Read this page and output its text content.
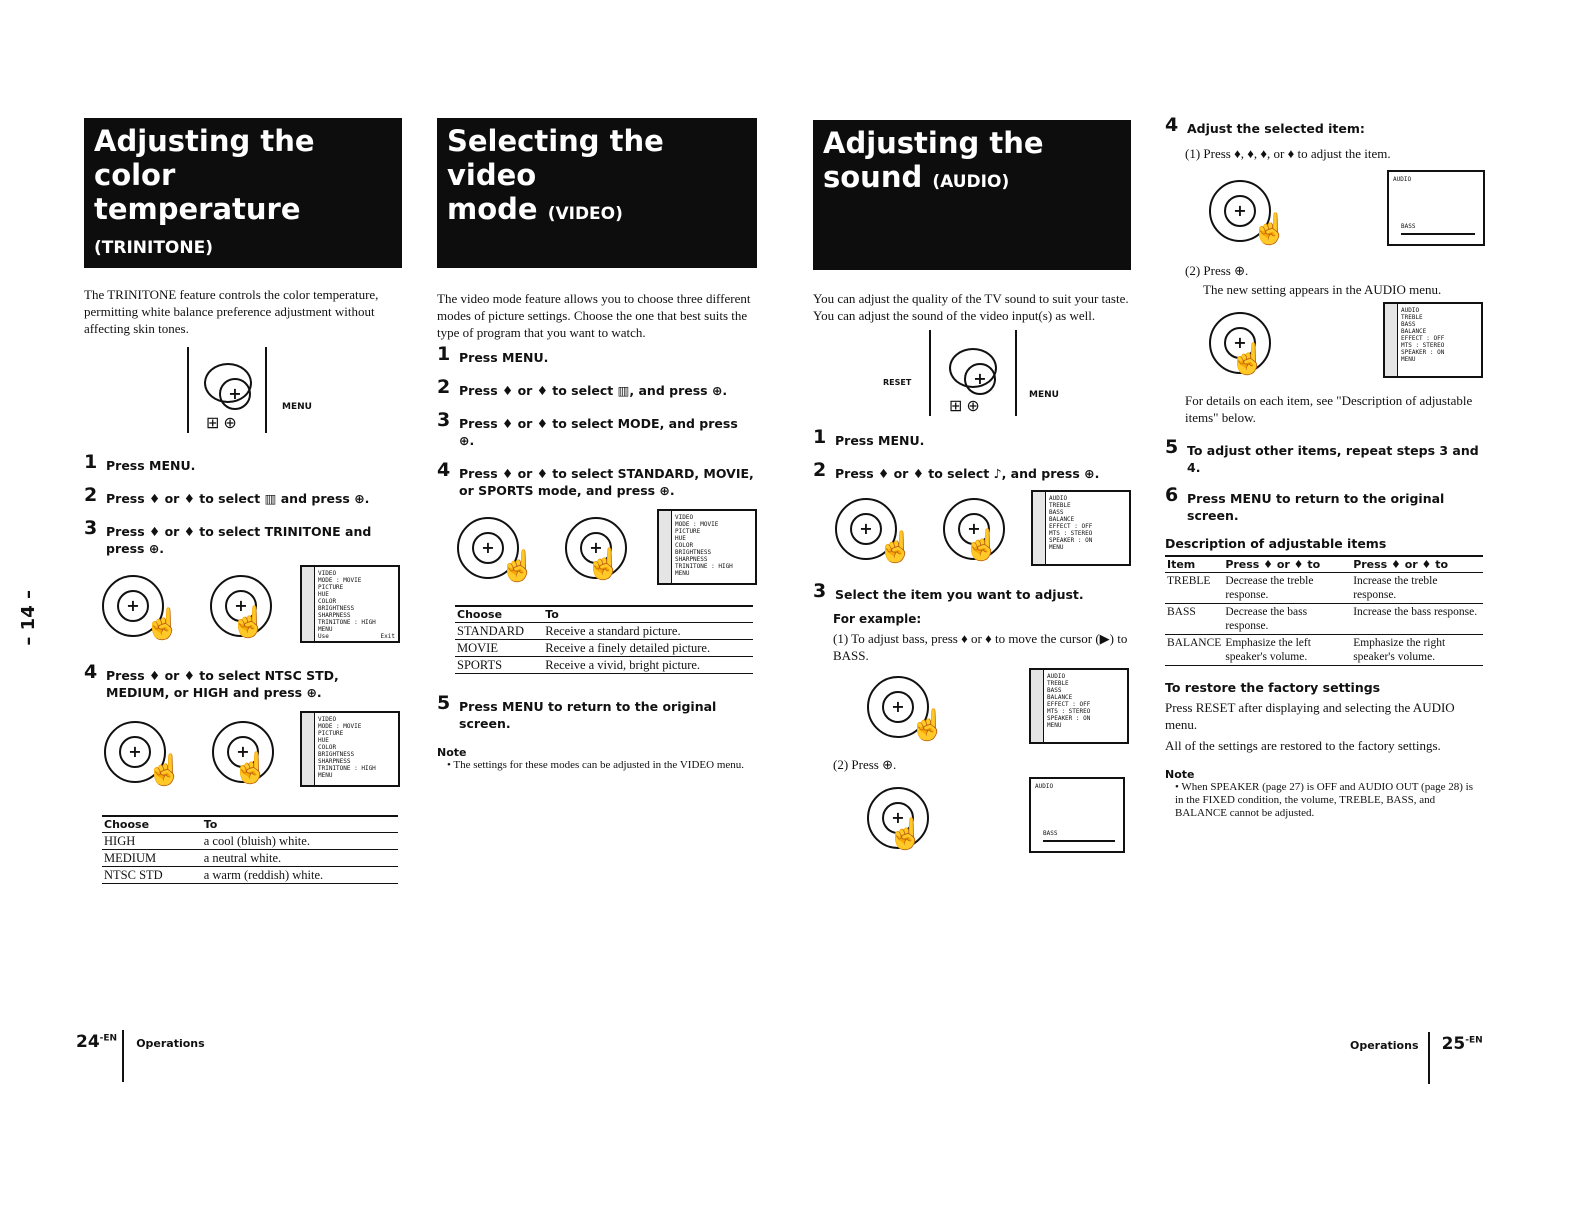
– 14 –
Adjusting the color
temperature (TRINITONE)
The TRINITONE feature controls the color temperature, permitting white balance preference adjustment without affecting skin tones.
+
MENU
⊞ ⊕
1 Press MENU.
2 Press ♦ or ♦ to select ▥ and press ⊕.
3 Press ♦ or ♦ to select TRINITONE and press ⊕.
+
☝ + ☝
VIDEO
MODE : MOVIE
PICTURE
HUE
COLOR
BRIGHTNESS
SHARPNESS
TRINITONE : HIGH
MENU
Use	Exit
4 Press ♦ or ♦ to select NTSC STD, MEDIUM, or HIGH and press ⊕.
+
☝ + ☝
VIDEO
MODE : MOVIE
PICTURE
HUE
COLOR
BRIGHTNESS
SHARPNESS
TRINITONE : HIGH
MENU
Choose	To
HIGH	a cool (bluish) white.
MEDIUM	a neutral white.
NTSC STD	a warm (reddish) white.
Selecting the video
mode (VIDEO)
The video mode feature allows you to choose three different modes of picture settings. Choose the one that best suits the type of program that you want to watch.
1 Press MENU.
2 Press ♦ or ♦ to select ▥, and press ⊕.
3 Press ♦ or ♦ to select MODE, and press ⊕.
4 Press ♦ or ♦ to select STANDARD, MOVIE, or SPORTS mode, and press ⊕.
+
☝ + ☝
VIDEO
MODE : MOVIE
PICTURE
HUE
COLOR
BRIGHTNESS
SHARPNESS
TRINITONE : HIGH
MENU
Choose	To
STANDARD	Receive a standard picture.
MOVIE	Receive a finely detailed picture.
SPORTS	Receive a vivid, bright picture.
5 Press MENU to return to the original screen.
Note
• The settings for these modes can be adjusted in the VIDEO menu.
Adjusting the
sound (AUDIO)
You can adjust the quality of the TV sound to suit your taste. You can adjust the sound of the video input(s) as well.
RESET
+
MENU
⊞ ⊕
1 Press MENU.
2 Press ♦ or ♦ to select ♪, and press ⊕.
+
☝ + ☝
AUDIO
TREBLE
BASS
BALANCE
EFFECT : OFF
MTS : STEREO
SPEAKER : ON
MENU
3 Select the item you want to adjust.
For example:
(1) To adjust bass, press ♦ or ♦ to move the cursor (▶) to BASS.
+
☝
AUDIO
TREBLE
BASS
BALANCE
EFFECT : OFF
MTS : STEREO
SPEAKER : ON
MENU
(2) Press ⊕.
+
☝
AUDIO
BASS
4 Adjust the selected item:
(1) Press ♦, ♦, ♦, or ♦ to adjust the item.
+
☝
AUDIO
BASS
(2) Press ⊕.
The new setting appears in the AUDIO menu.
+
☝
AUDIO
TREBLE
BASS
BALANCE
EFFECT : OFF
MTS : STEREO
SPEAKER : ON
MENU
For details on each item, see "Description of adjustable items" below.
5 To adjust other items, repeat steps 3 and 4.
6 Press MENU to return to the original screen.
Description of adjustable items
Item	Press ♦ or ♦ to	Press ♦ or ♦ to
TREBLE	Decrease the treble response.	Increase the treble response.
BASS	Decrease the bass response.	Increase the bass response.
BALANCE	Emphasize the left speaker's volume.	Emphasize the right speaker's volume.
To restore the factory settings
Press RESET after displaying and selecting the AUDIO menu.
All of the settings are restored to the factory settings.
Note
• When SPEAKER (page 27) is OFF and AUDIO OUT (page 28) is in the FIXED condition, the volume, TREBLE, BASS, and BALANCE cannot be adjusted.
$24^{-EN}$ Operations	Operations $25^{-EN}$
